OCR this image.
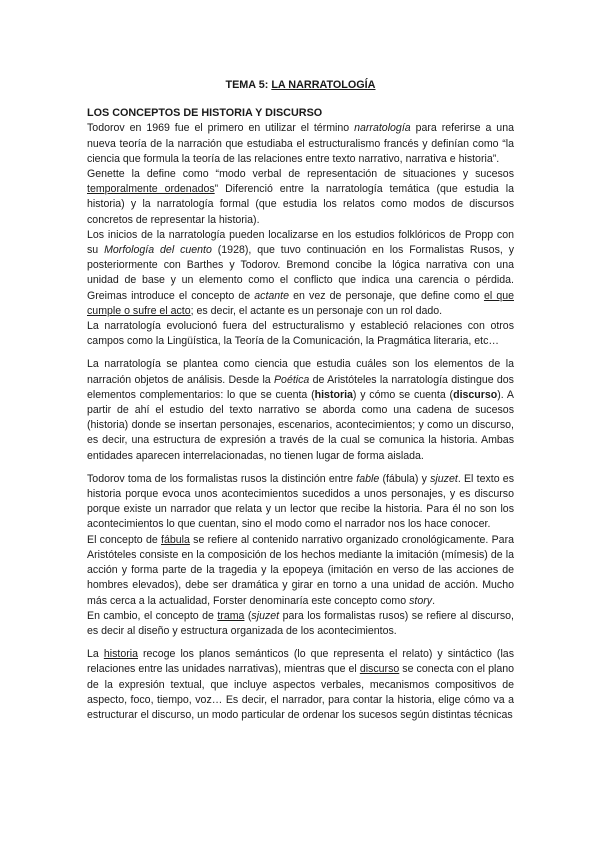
TEMA 5: LA NARRATOLOGÍA
LOS CONCEPTOS DE HISTORIA Y DISCURSO

Todorov en 1969 fue el primero en utilizar el término narratología para referirse a una nueva teoría de la narración que estudiaba el estructuralismo francés y definían como “la ciencia que formula la teoría de las relaciones entre texto narrativo, narrativa e historia”.

Genette la define como “modo verbal de representación de situaciones y sucesos temporalmente ordenados” Diferenció entre la narratología temática (que estudia la historia) y la narratología formal (que estudia los relatos como modos de discursos concretos de representar la historia).

Los inicios de la narratología pueden localizarse en los estudios folklóricos de Propp con su Morfología del cuento (1928), que tuvo continuación en los Formalistas Rusos, y posteriormente con Barthes y Todorov. Bremond concibe la lógica narrativa con una unidad de base y un elemento como el conflicto que indica una carencia o pérdida. Greimas introduce el concepto de actante en vez de personaje, que define como el que cumple o sufre el acto; es decir, el actante es un personaje con un rol dado.

La narratología evolucionó fuera del estructuralismo y estableció relaciones con otros campos como la Lingüística, la Teoría de la Comunicación, la Pragmática literaria, etc…

La narratología se plantea como ciencia que estudia cuáles son los elementos de la narración objetos de análisis. Desde la Poética de Aristóteles la narratología distingue dos elementos complementarios: lo que se cuenta (historia) y cómo se cuenta (discurso). A partir de ahí el estudio del texto narrativo se aborda como una cadena de sucesos (historia) donde se insertan personajes, escenarios, acontecimientos; y como un discurso, es decir, una estructura de expresión a través de la cual se comunica la historia. Ambas entidades aparecen interrelacionadas, no tienen lugar de forma aislada.

Todorov toma de los formalistas rusos la distinción entre fable (fábula) y sjuzet. El texto es historia porque evoca unos acontecimientos sucedidos a unos personajes, y es discurso porque existe un narrador que relata y un lector que recibe la historia. Para él no son los acontecimientos lo que cuentan, sino el modo como el narrador nos los hace conocer.

El concepto de fábula se refiere al contenido narrativo organizado cronológicamente. Para Aristóteles consiste en la composición de los hechos mediante la imitación (mímesis) de la acción y forma parte de la tragedia y la epopeya (imitación en verso de las acciones de hombres elevados), debe ser dramática y girar en torno a una unidad de acción. Mucho más cerca a la actualidad, Forster denominaría este concepto como story.

En cambio, el concepto de trama (sjuzet para los formalistas rusos) se refiere al discurso, es decir al diseño y estructura organizada de los acontecimientos.

La historia recoge los planos semánticos (lo que representa el relato) y sintáctico (las relaciones entre las unidades narrativas), mientras que el discurso se conecta con el plano de la expresión textual, que incluye aspectos verbales, mecanismos compositivos de aspecto, foco, tiempo, voz… Es decir, el narrador, para contar la historia, elige cómo va a estructurar el discurso, un modo particular de ordenar los sucesos según distintas técnicas
